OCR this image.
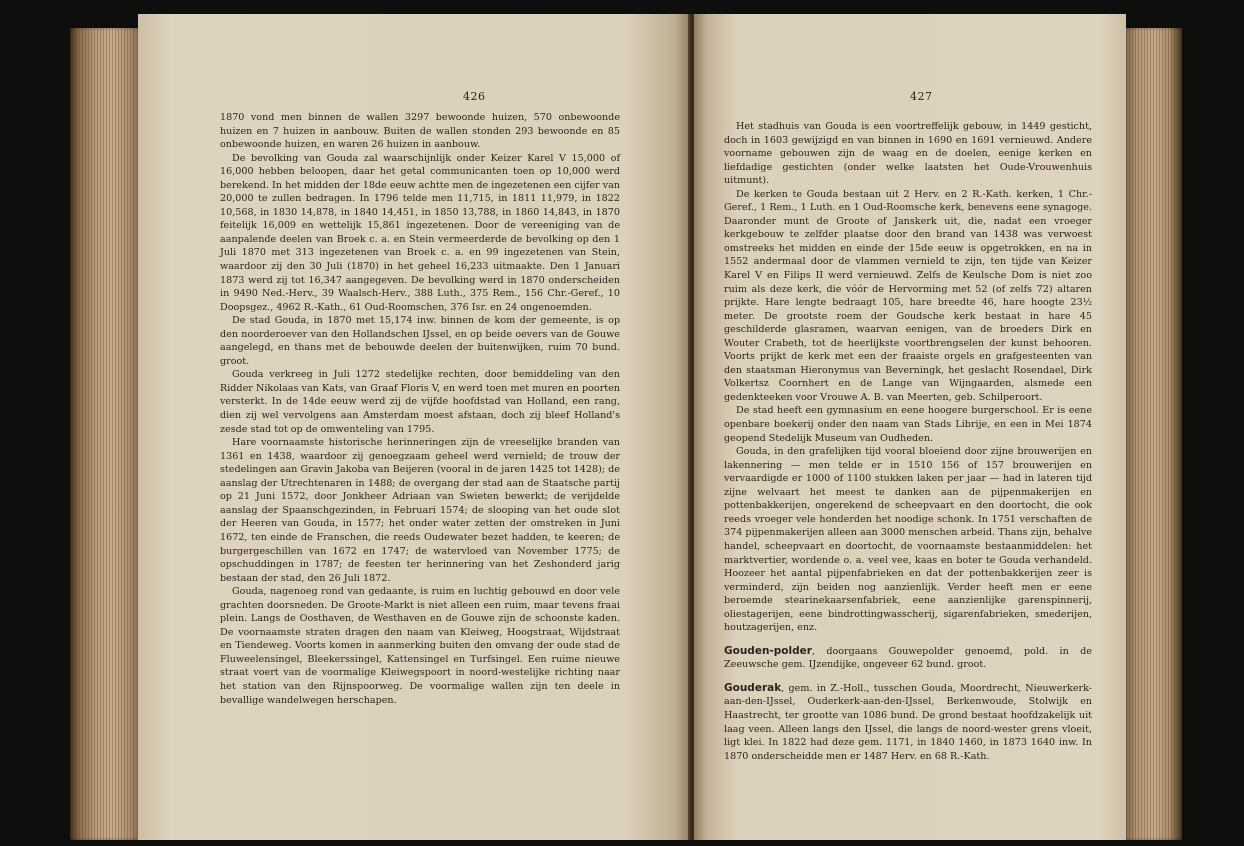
426

1870 vond men binnen de wallen 3297 bewoonde huizen, 570 onbewoonde huizen en 7 huizen in aanbouw. Buiten de wallen stonden 293 bewoonde en 85 onbewoonde huizen, en waren 26 huizen in aanbouw.

De bevolking van Gouda zal waarschijnlijk onder Keizer Karel V 15,000 of 16,000 hebben beloopen, daar het getal communicanten toen op 10,000 werd berekend. In het midden der 18de eeuw achtte men de ingezetenen een cijfer van 20,000 te zullen bedragen. In 1796 telde men 11,715, in 1811 11,979, in 1822 10,568, in 1830 14,878, in 1840 14,451, in 1850 13,788, in 1860 14,843, in 1870 feitelijk 16,009 en wettelijk 15,861 ingezetenen. Door de vereeniging van de aanpalende deelen van Broek c. a. en Stein vermeerderde de bevolking op den 1 Juli 1870 met 313 ingezetenen van Broek c. a. en 99 ingezetenen van Stein, waardoor zij den 30 Juli (1870) in het geheel 16,233 uitmaakte. Den 1 Januari 1873 werd zij tot 16,347 aangegeven. De bevolking werd in 1870 onderscheiden in 9490 Ned.-Herv., 39 Waalsch-Herv., 388 Luth., 375 Rem., 156 Chr.-Geref., 10 Doopsgez., 4962 R.-Kath., 61 Oud-Roomschen, 376 Isr. en 24 ongenoemden.

De stad Gouda, in 1870 met 15,174 inw. binnen de kom der gemeente, is op den noorderoever van den Hollandschen IJssel, en op beide oevers van de Gouwe aangelegd, en thans met de bebouwde deelen der buitenwijken, ruim 70 bund. groot.

Gouda verkreeg in Juli 1272 stedelijke rechten, door bemiddeling van den Ridder Nikolaas van Kats, van Graaf Floris V, en werd toen met muren en poorten versterkt. In de 14de eeuw werd zij de vijfde hoofdstad van Holland, een rang, dien zij wel vervolgens aan Amsterdam moest afstaan, doch zij bleef Holland's zesde stad tot op de omwenteling van 1795.

Hare voornaamste historische herinneringen zijn de vreeselijke branden van 1361 en 1438, waardoor zij genoegzaam geheel werd vernield; de trouw der stedelingen aan Gravin Jakoba van Beijeren (vooral in de jaren 1425 tot 1428); de aanslag der Utrechtenaren in 1488; de overgang der stad aan de Staatsche partij op 21 Juni 1572, door Jonkheer Adriaan van Swieten bewerkt; de verijdelde aanslag der Spaanschgezinden, in Februari 1574; de slooping van het oude slot der Heeren van Gouda, in 1577; het onder water zetten der omstreken in Juni 1672, ten einde de Franschen, die reeds Oudewater bezet hadden, te keeren; de burgergeschillen van 1672 en 1747; de watervloed van November 1775; de opschuddingen in 1787; de feesten ter herinnering van het Zeshonderd jarig bestaan der stad, den 26 Juli 1872.

Gouda, nagenoeg rond van gedaante, is ruim en luchtig gebouwd en door vele grachten doorsneden. De Groote-Markt is niet alleen een ruim, maar tevens fraai plein. Langs de Oosthaven, de Westhaven en de Gouwe zijn de schoonste kaden. De voornaamste straten dragen den naam van Kleiweg, Hoogstraat, Wijdstraat en Tiendeweg. Voorts komen in aanmerking buiten den omvang der oude stad de Fluweelensingel, Bleekerssingel, Kattensingel en Turfsingel. Een ruime nieuwe straat voert van de voormalige Kleiwegspoort in noord-westelijke richting naar het station van den Rijnspoorweg. De voormalige wallen zijn ten deele in bevallige wandelwegen herschapen.

427

Het stadhuis van Gouda is een voortreffelijk gebouw, in 1449 gesticht, doch in 1603 gewijzigd en van binnen in 1690 en 1691 vernieuwd. Andere voorname gebouwen zijn de waag en de doelen, eenige kerken en liefdadige gestichten (onder welke laatsten het Oude-Vrouwenhuis uitmunt).

De kerken te Gouda bestaan uit 2 Herv. en 2 R.-Kath. kerken, 1 Chr.-Geref., 1 Rem., 1 Luth. en 1 Oud-Roomsche kerk, benevens eene synagoge. Daaronder munt de Groote of Janskerk uit, die, nadat een vroeger kerkgebouw te zelfder plaatse door den brand van 1438 was verwoest omstreeks het midden en einde der 15de eeuw is opgetrokken, en na in 1552 andermaal door de vlammen vernield te zijn, ten tijde van Keizer Karel V en Filips II werd vernieuwd. Zelfs de Keulsche Dom is niet zoo ruim als deze kerk, die vóór de Hervorming met 52 (of zelfs 72) altaren prijkte. Hare lengte bedraagt 105, hare breedte 46, hare hoogte 23½ meter. De grootste roem der Goudsche kerk bestaat in hare 45 geschilderde glasramen, waarvan eenigen, van de broeders Dirk en Wouter Crabeth, tot de heerlijkste voortbrengselen der kunst behooren. Voorts prijkt de kerk met een der fraaiste orgels en grafgesteenten van den staatsman Hieronymus van Beverningk, het geslacht Rosendael, Dirk Volkertsz Coornhert en de Lange van Wijngaarden, alsmede een gedenkteeken voor Vrouwe A. B. van Meerten, geb. Schilperoort.

De stad heeft een gymnasium en eene hoogere burgerschool. Er is eene openbare boekerij onder den naam van Stads Librije, en een in Mei 1874 geopend Stedelijk Museum van Oudheden.

Gouda, in den grafelijken tijd vooral bloeiend door zijne brouwerijen en lakennering — men telde er in 1510 156 of 157 brouwerijen en vervaardigde er 1000 of 1100 stukken laken per jaar — had in lateren tijd zijne welvaart het meest te danken aan de pijpenmakerijen en pottenbakkerijen, ongerekend de scheepvaart en den doortocht, die ook reeds vroeger vele honderden het noodige schonk. In 1751 verschaften de 374 pijpenmakerijen alleen aan 3000 menschen arbeid. Thans zijn, behalve handel, scheepvaart en doortocht, de voornaamste bestaanmiddelen: het marktvertier, wordende o. a. veel vee, kaas en boter te Gouda verhandeld. Hoozeer het aantal pijpenfabrieken en dat der pottenbakkerijen zeer is verminderd, zijn beiden nog aanzienlijk. Verder heeft men er eene beroemde stearinekaarsenfabriek, eene aanzienlijke garenspinnerij, oliestagerijen, eene bindrottingwasscherij, sigarenfabrieken, smederijen, houtzagerijen, enz.

Gouden-polder, doorgaans Gouwepolder genoemd, pold. in de Zeeuwsche gem. IJzendijke, ongeveer 62 bund. groot.

Gouderak, gem. in Z.-Holl., tusschen Gouda, Moordrecht, Nieuwerkerk-aan-den-IJssel, Ouderkerk-aan-den-IJssel, Berkenwoude, Stolwijk en Haastrecht, ter grootte van 1086 bund. De grond bestaat hoofdzakelijk uit laag veen. Alleen langs den IJssel, die langs de noord-wester grens vloeit, ligt klei. In 1822 had deze gem. 1171, in 1840 1460, in 1873 1640 inw. In 1870 onderscheidde men er 1487 Herv. en 68 R.-Kath.
